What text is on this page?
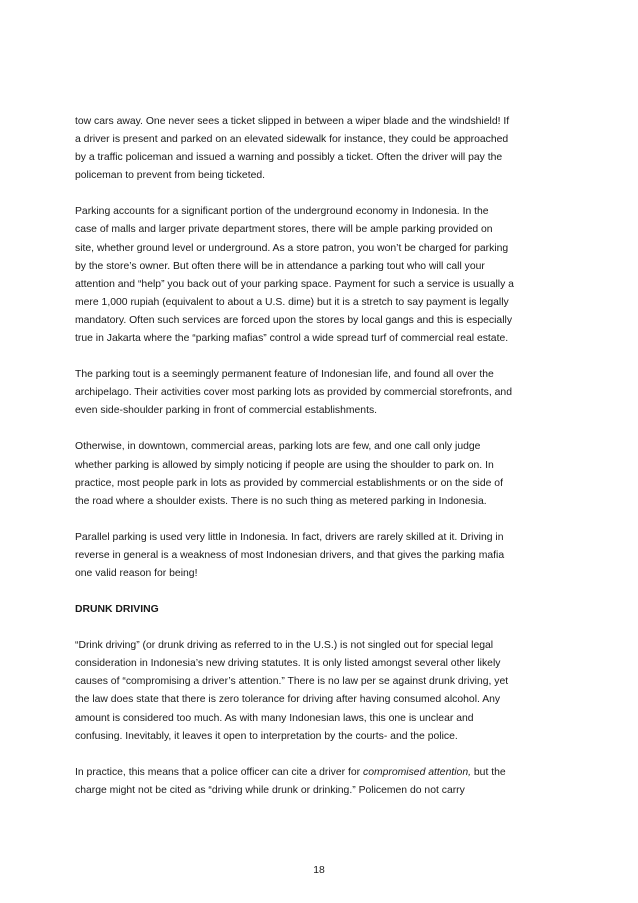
tow cars away. One never sees a ticket slipped in between a wiper blade and the windshield! If
a driver is present and parked on an elevated sidewalk for instance, they could be approached
by a traffic policeman and issued a warning and possibly a ticket. Often the driver will pay the
policeman to prevent from being ticketed.

Parking accounts for a significant portion of the underground economy in Indonesia. In the
case of malls and larger private department stores, there will be ample parking provided on
site, whether ground level or underground. As a store patron, you won’t be charged for parking
by the store’s owner. But often there will be in attendance a parking tout who will call your
attention and “help” you back out of your parking space. Payment for such a service is usually a
mere 1,000 rupiah (equivalent to about a U.S. dime) but it is a stretch to say payment is legally
mandatory. Often such services are forced upon the stores by local gangs and this is especially
true in Jakarta where the “parking mafias” control a wide spread turf of commercial real estate.

The parking tout is a seemingly permanent feature of Indonesian life, and found all over the
archipelago. Their activities cover most parking lots as provided by commercial storefronts, and
even side-shoulder parking in front of commercial establishments.

Otherwise, in downtown, commercial areas, parking lots are few, and one call only judge
whether parking is allowed by simply noticing if people are using the shoulder to park on. In
practice, most people park in lots as provided by commercial establishments or on the side of
the road where a shoulder exists. There is no such thing as metered parking in Indonesia.

Parallel parking is used very little in Indonesia. In fact, drivers are rarely skilled at it. Driving in
reverse in general is a weakness of most Indonesian drivers, and that gives the parking mafia
one valid reason for being!

DRUNK DRIVING

“Drink driving” (or drunk driving as referred to in the U.S.) is not singled out for special legal
consideration in Indonesia’s new driving statutes. It is only listed amongst several other likely
causes of “compromising a driver’s attention.” There is no law per se against drunk driving, yet
the law does state that there is zero tolerance for driving after having consumed alcohol. Any
amount is considered too much. As with many Indonesian laws, this one is unclear and
confusing. Inevitably, it leaves it open to interpretation by the courts- and the police.

In practice, this means that a police officer can cite a driver for compromised attention, but the
charge might not be cited as “driving while drunk or drinking.” Policemen do not carry

18
